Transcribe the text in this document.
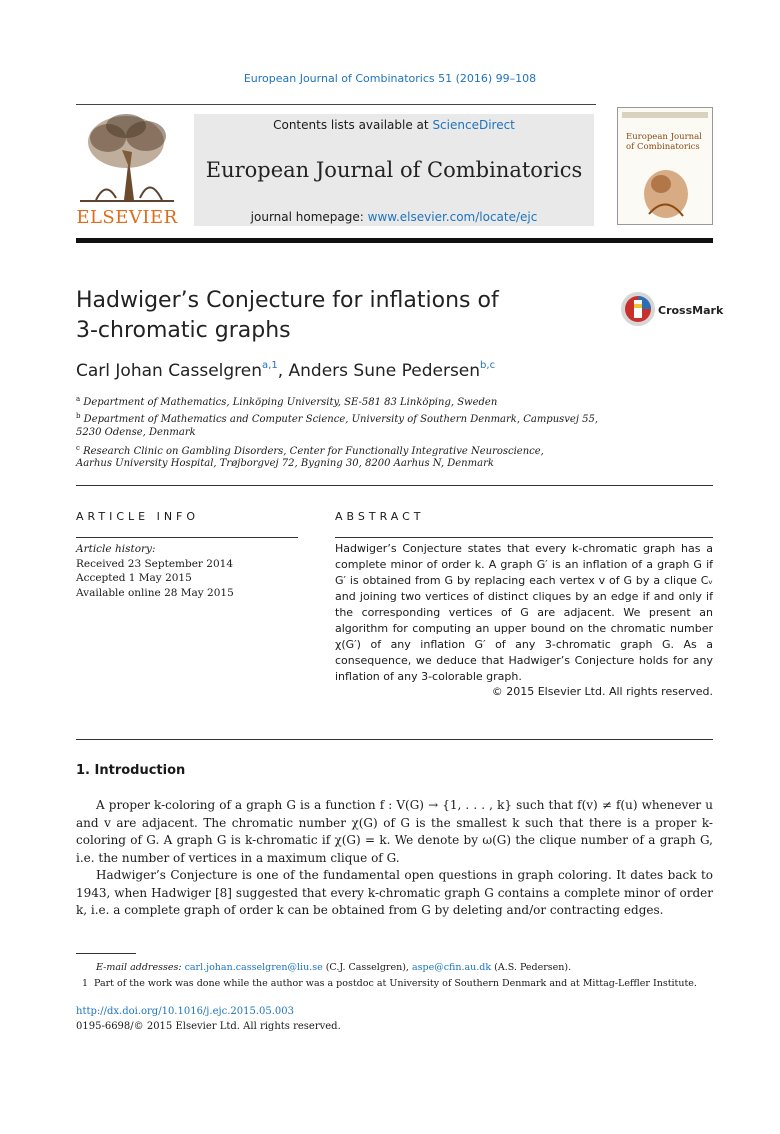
European Journal of Combinatorics 51 (2016) 99–108
ELSEVIER
Contents lists available at ScienceDirect
European Journal of Combinatorics
journal homepage: www.elsevier.com/locate/ejc
European Journal of Combinatorics
Hadwiger’s Conjecture for inflations of
3-chromatic graphs
CrossMark
Carl Johan Casselgren$^{a,1}$, Anders Sune Pedersen$^{b,c}$
$^a$ Department of Mathematics, Linköping University, SE-581 83 Linköping, Sweden
$^b$ Department of Mathematics and Computer Science, University of Southern Denmark, Campusvej 55,
5230 Odense, Denmark
$^c$ Research Clinic on Gambling Disorders, Center for Functionally Integrative Neuroscience,
Aarhus University Hospital, Trøjborgvej 72, Bygning 30, 8200 Aarhus N, Denmark
ARTICLE INFO
Article history:
Received 23 September 2014
Accepted 1 May 2015
Available online 28 May 2015
ABSTRACT
Hadwiger’s Conjecture states that every k-chromatic graph has a complete minor of order k. A graph G′ is an inflation of a graph G if G′ is obtained from G by replacing each vertex v of G by a clique Cᵥ and joining two vertices of distinct cliques by an edge if and only if the corresponding vertices of G are adjacent. We present an algorithm for computing an upper bound on the chromatic number χ(G′) of any inflation G′ of any 3-chromatic graph G. As a consequence, we deduce that Hadwiger’s Conjecture holds for any inflation of any 3-colorable graph.
© 2015 Elsevier Ltd. All rights reserved.
1. Introduction
A proper k-coloring of a graph G is a function f : V(G) → {1, . . . , k} such that f(v) ≠ f(u) whenever u and v are adjacent. The chromatic number χ(G) of G is the smallest k such that there is a proper k-coloring of G. A graph G is k-chromatic if χ(G) = k. We denote by ω(G) the clique number of a graph G, i.e. the number of vertices in a maximum clique of G.
Hadwiger’s Conjecture is one of the fundamental open questions in graph coloring. It dates back to 1943, when Hadwiger [8] suggested that every k-chromatic graph G contains a complete minor of order k, i.e. a complete graph of order k can be obtained from G by deleting and/or contracting edges.
E-mail addresses: carl.johan.casselgren@liu.se (C.J. Casselgren), aspe@cfin.au.dk (A.S. Pedersen).
1 Part of the work was done while the author was a postdoc at University of Southern Denmark and at Mittag-Leffler Institute.
http://dx.doi.org/10.1016/j.ejc.2015.05.003
0195-6698/© 2015 Elsevier Ltd. All rights reserved.
